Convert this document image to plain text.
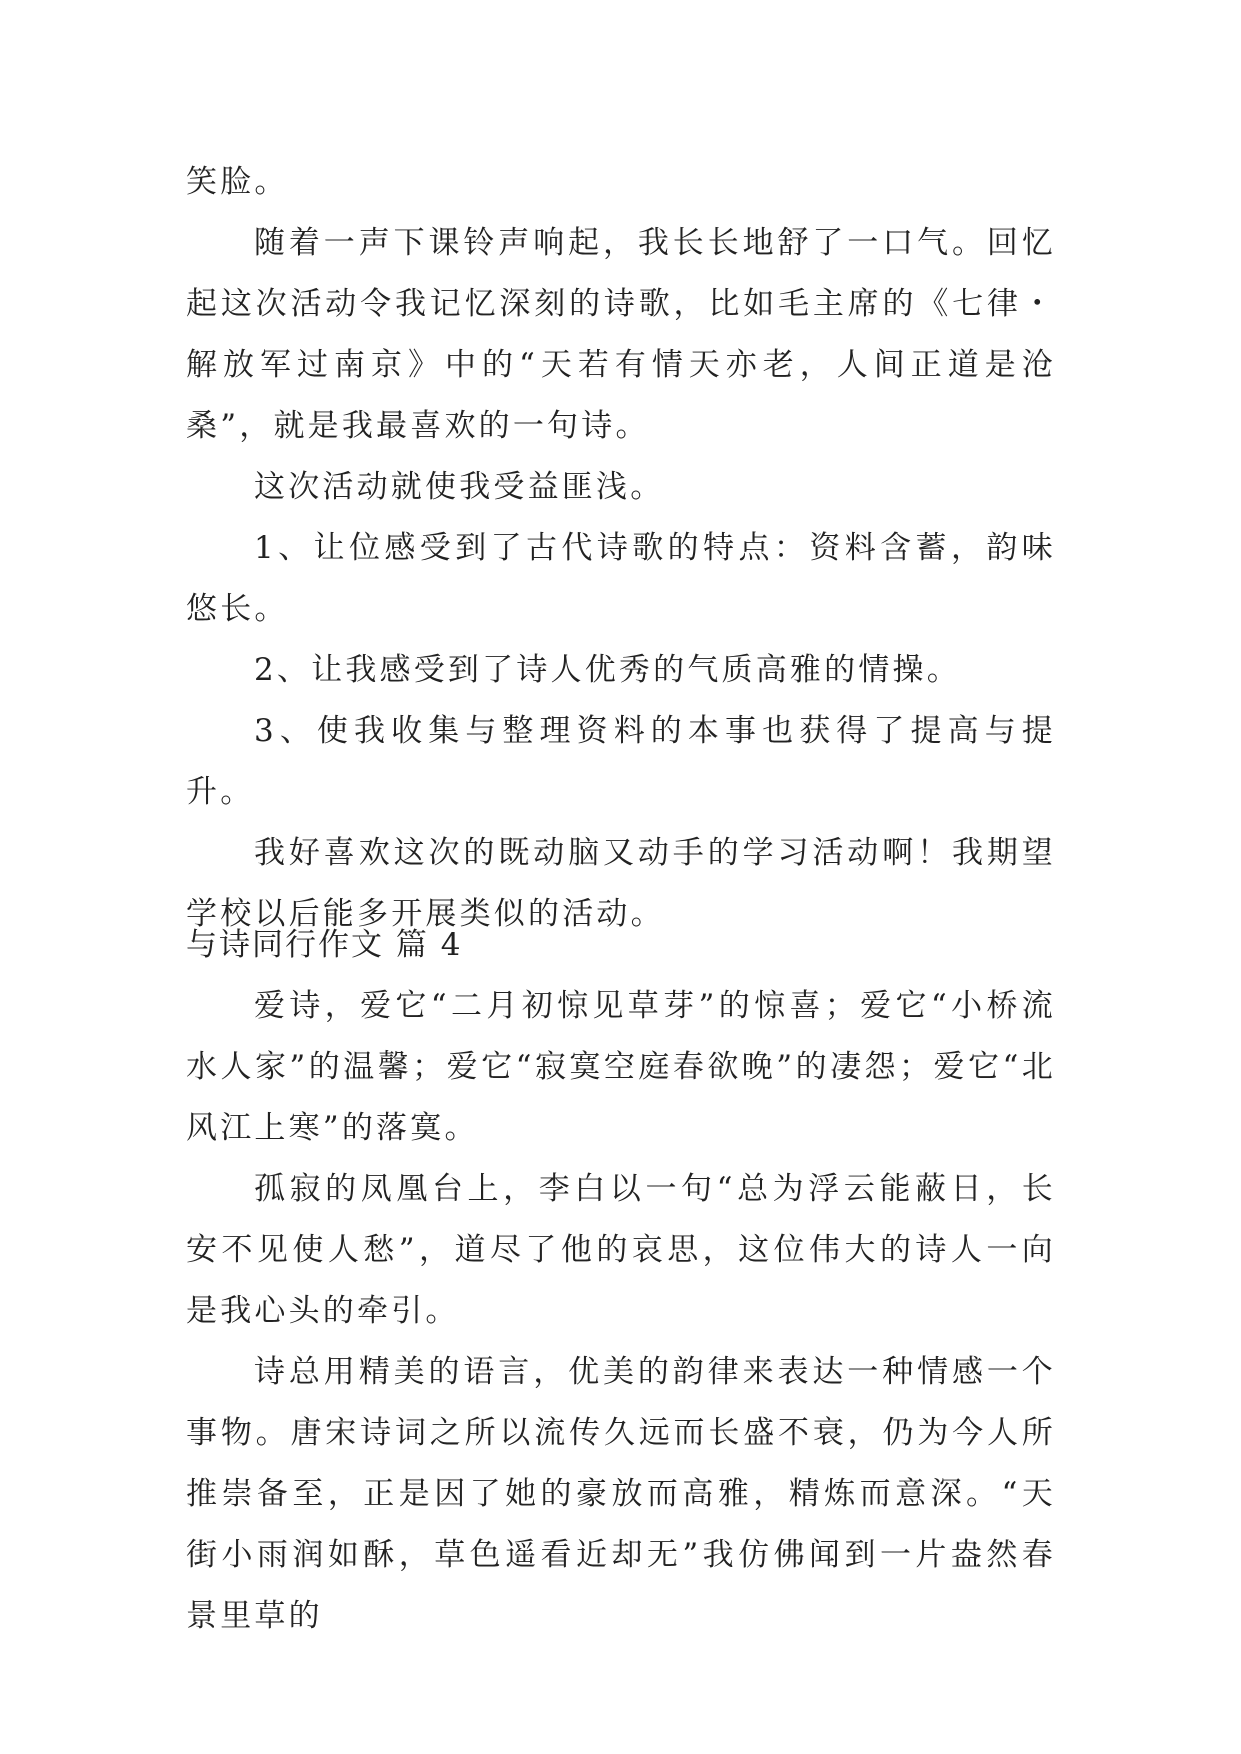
笑脸。

随着一声下课铃声响起，我长长地舒了一口气。回忆起这次活动令我记忆深刻的诗歌，比如毛主席的《七律・解放军过南京》中的“天若有情天亦老，人间正道是沧桑”，就是我最喜欢的一句诗。

这次活动就使我受益匪浅。

1、让位感受到了古代诗歌的特点：资料含蓄，韵味悠长。

2、让我感受到了诗人优秀的气质高雅的情操。

3、使我收集与整理资料的本事也获得了提高与提升。

我好喜欢这次的既动脑又动手的学习活动啊！我期望学校以后能多开展类似的活动。

与诗同行作文 篇 4

爱诗，爱它“二月初惊见草芽”的惊喜；爱它“小桥流水人家”的温馨；爱它“寂寞空庭春欲晚”的凄怨；爱它“北风江上寒”的落寞。

孤寂的凤凰台上，李白以一句“总为浮云能蔽日，长安不见使人愁”，道尽了他的哀思，这位伟大的诗人一向是我心头的牵引。

诗总用精美的语言，优美的韵律来表达一种情感一个事物。唐宋诗词之所以流传久远而长盛不衰，仍为今人所推崇备至，正是因了她的豪放而高雅，精炼而意深。“天街小雨润如酥，草色遥看近却无”我仿佛闻到一片盎然春景里草的
